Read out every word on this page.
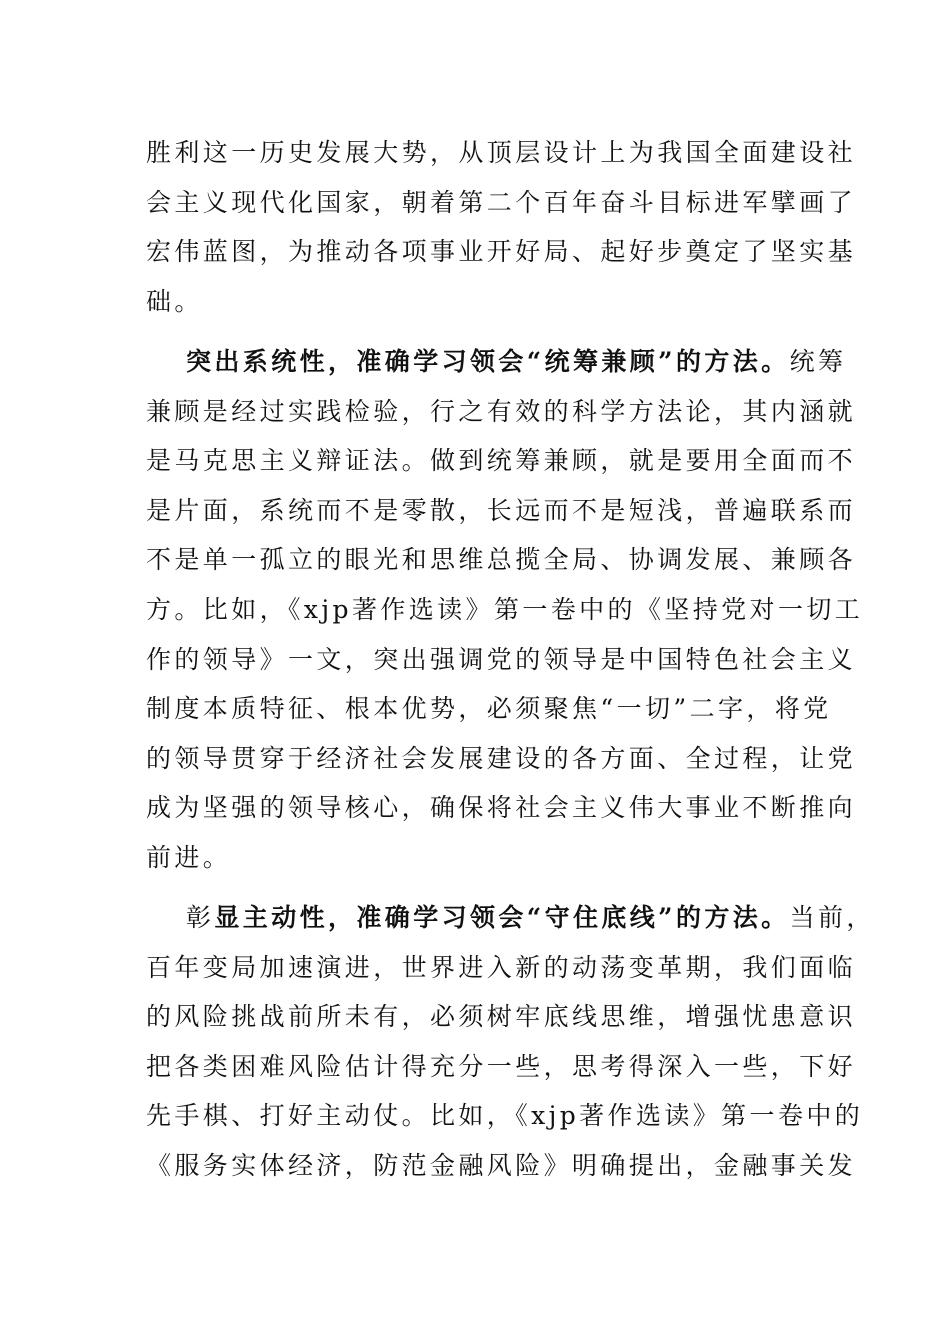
胜利这一历史发展大势，从顶层设计上为我国全面建设社
会主义现代化国家，朝着第二个百年奋斗目标进军擘画了
宏伟蓝图，为推动各项事业开好局、起好步奠定了坚实基
础。
突出系统性，准确学习领会“统筹兼顾”的方法。统筹
兼顾是经过实践检验，行之有效的科学方法论，其内涵就
是马克思主义辩证法。做到统筹兼顾，就是要用全面而不
是片面，系统而不是零散，长远而不是短浅，普遍联系而
不是单一孤立的眼光和思维总揽全局、协调发展、兼顾各
方。比如，《xjp著作选读》第一卷中的《坚持党对一切工
作的领导》一文，突出强调党的领导是中国特色社会主义
制度本质特征、根本优势，必须聚焦“一切”二字，将党
的领导贯穿于经济社会发展建设的各方面、全过程，让党
成为坚强的领导核心，确保将社会主义伟大事业不断推向
前进。
彰显主动性，准确学习领会“守住底线”的方法。当前，
百年变局加速演进，世界进入新的动荡变革期，我们面临
的风险挑战前所未有，必须树牢底线思维，增强忧患意识
把各类困难风险估计得充分一些，思考得深入一些，下好
先手棋、打好主动仗。比如，《xjp著作选读》第一卷中的
《服务实体经济，防范金融风险》明确提出，金融事关发
